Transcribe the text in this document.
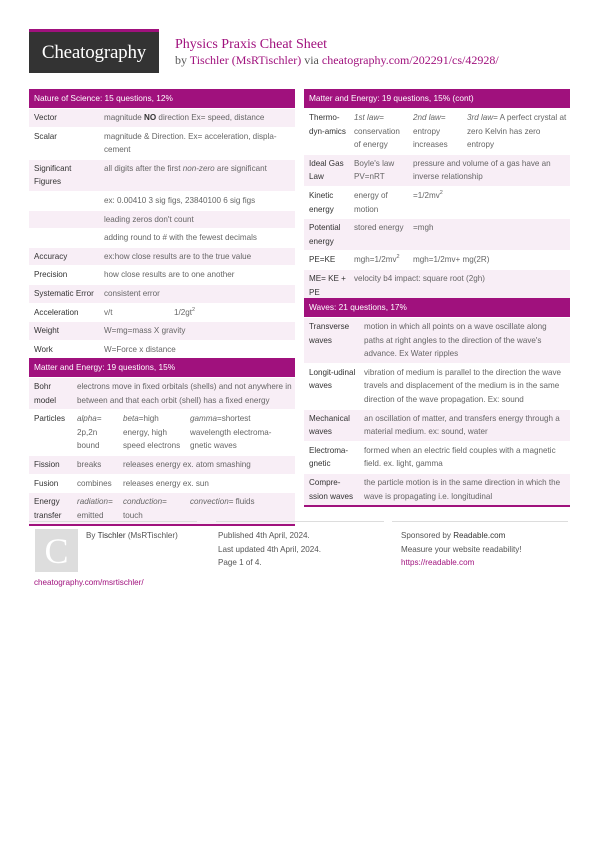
Cheatography Physics Praxis Cheat Sheet
by Tischler (MsRTischler) via cheatography.com/202291/cs/42928/
Nature of Science: 15 questions, 12%
Vector	magnitude NO direction Ex= speed, distance	
Scalar	magnitude & Direction. Ex= acceleration, displa-cement	
Significant Figures	all digits after the first non-zero are significant	
	ex: 0.00410 3 sig figs, 23840100 6 sig figs	
	leading zeros don't count	
	adding round to # with the fewest decimals	
Accuracy	ex:how close results are to the true value	
Precision	how close results are to one another	
Systematic Error	consistent error	
Acceleration	v/t	$1/2gt^2$
Weight	W=mg=mass X gravity	
Work	W=Force x distance	
Matter and Energy: 19 questions, 15%
Bohr model	electrons move in fixed orbitals (shells) and not anywhere in between and that each orbit (shell) has a fixed energy		
Particles	alpha= 2p,2n bound	beta=high energy, high speed electrons	gamma=shortest wavelength electroma-gnetic waves
Fission	breaks	releases energy ex. atom smashing	
Fusion	combines	releases energy ex. sun	
Energy transfer	radiation= emitted	conduction= touch	convection= fluids
Matter and Energy: 19 questions, 15% (cont)
Thermo-dyn-amics	1st law= conservation of energy	2nd law= entropy increases	3rd law= A perfect crystal at zero Kelvin has zero entropy
Ideal Gas Law	Boyle's law PV=nRT	pressure and volume of a gas have an inverse relationship	
Kinetic energy	energy of motion	$=1/2mv^2$
Potential energy	stored energy	=mgh	
PE=KE	$mgh=1/2mv^2$	mgh=1/2mv+ mg(2R)	
ME= KE + PE	velocity b4 impact: square root (2gh)		
Waves: 21 questions, 17%
Transverse waves	motion in which all points on a wave oscillate along paths at right angles to the direction of the wave's advance. Ex Water ripples
Longit-udinal waves	vibration of medium is parallel to the direction the wave travels and displacement of the medium is in the same direction of the wave propagation. Ex: sound
Mechanical waves	an oscillation of matter, and transfers energy through a material medium. ex: sound, water
Electroma-gnetic	formed when an electric field couples with a magnetic field. ex. light, gamma
Compre-ssion waves	the particle motion is in the same direction in which the wave is propagating i.e. longitudinal
C By Tischler (MsRTischler)
cheatography.com/msrtischler/
Published 4th April, 2024.
Last updated 4th April, 2024.
Page 1 of 4.
Sponsored by Readable.com
Measure your website readability!
https://readable.com
